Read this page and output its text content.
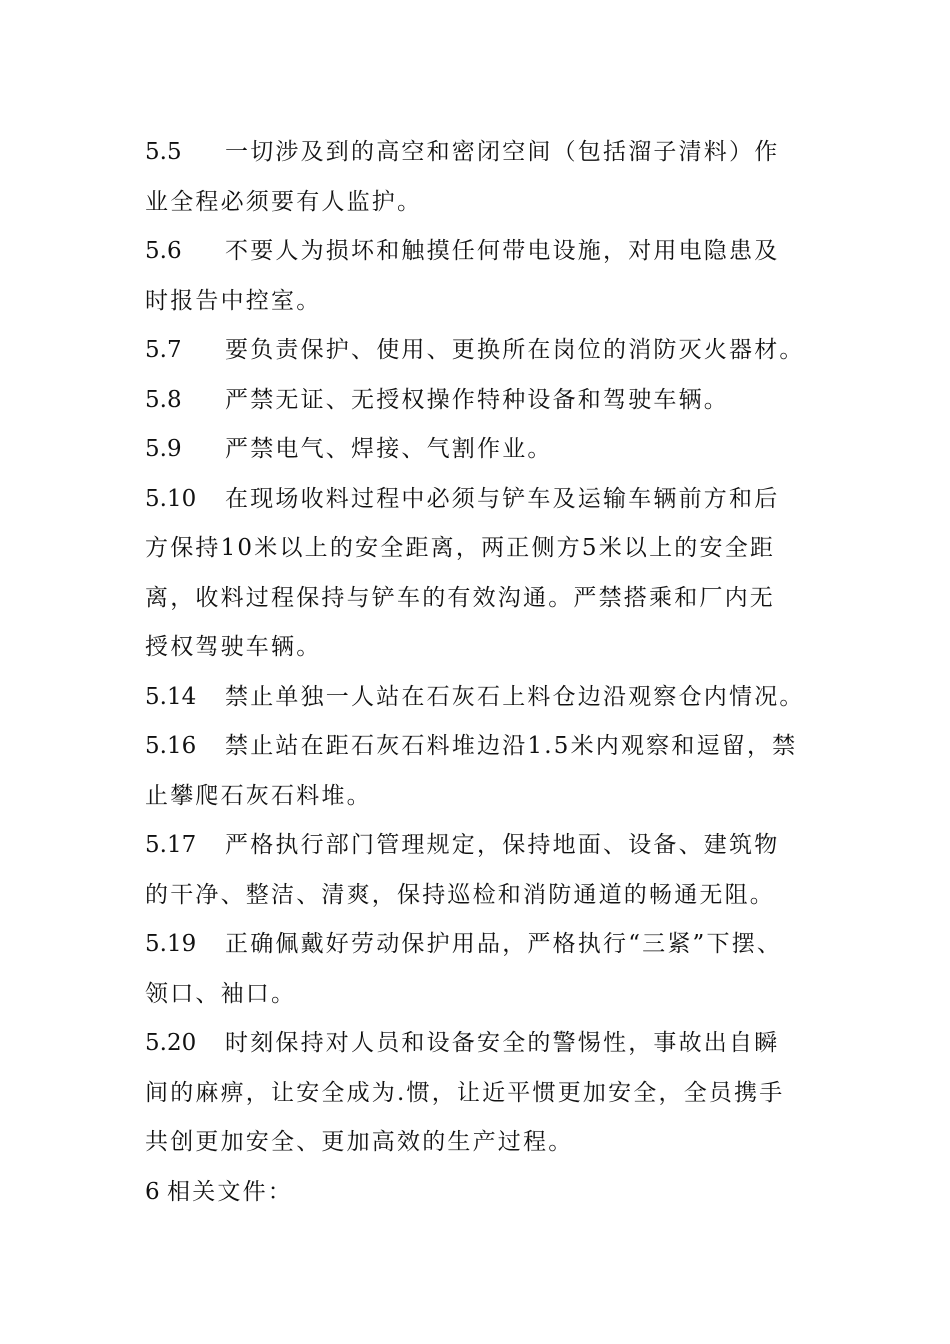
5.5 一切涉及到的高空和密闭空间（包括溜子清料）作
业全程必须要有人监护。
5.6 不要人为损坏和触摸任何带电设施，对用电隐患及
时报告中控室。
5.7 要负责保护、使用、更换所在岗位的消防灭火器材。
5.8 严禁无证、无授权操作特种设备和驾驶车辆。
5.9 严禁电气、焊接、气割作业。
5.10 在现场收料过程中必须与铲车及运输车辆前方和后
方保持10米以上的安全距离，两正侧方5米以上的安全距
离，收料过程保持与铲车的有效沟通。严禁搭乘和厂内无
授权驾驶车辆。
5.14 禁止单独一人站在石灰石上料仓边沿观察仓内情况。
5.16 禁止站在距石灰石料堆边沿1.5米内观察和逗留，禁
止攀爬石灰石料堆。
5.17 严格执行部门管理规定，保持地面、设备、建筑物
的干净、整洁、清爽，保持巡检和消防通道的畅通无阻。
5.19 正确佩戴好劳动保护用品，严格执行“三紧”下摆、
领口、袖口。
5.20 时刻保持对人员和设备安全的警惕性，事故出自瞬
间的麻痹，让安全成为.惯，让近平惯更加安全，全员携手
共创更加安全、更加高效的生产过程。
6 相关文件：
